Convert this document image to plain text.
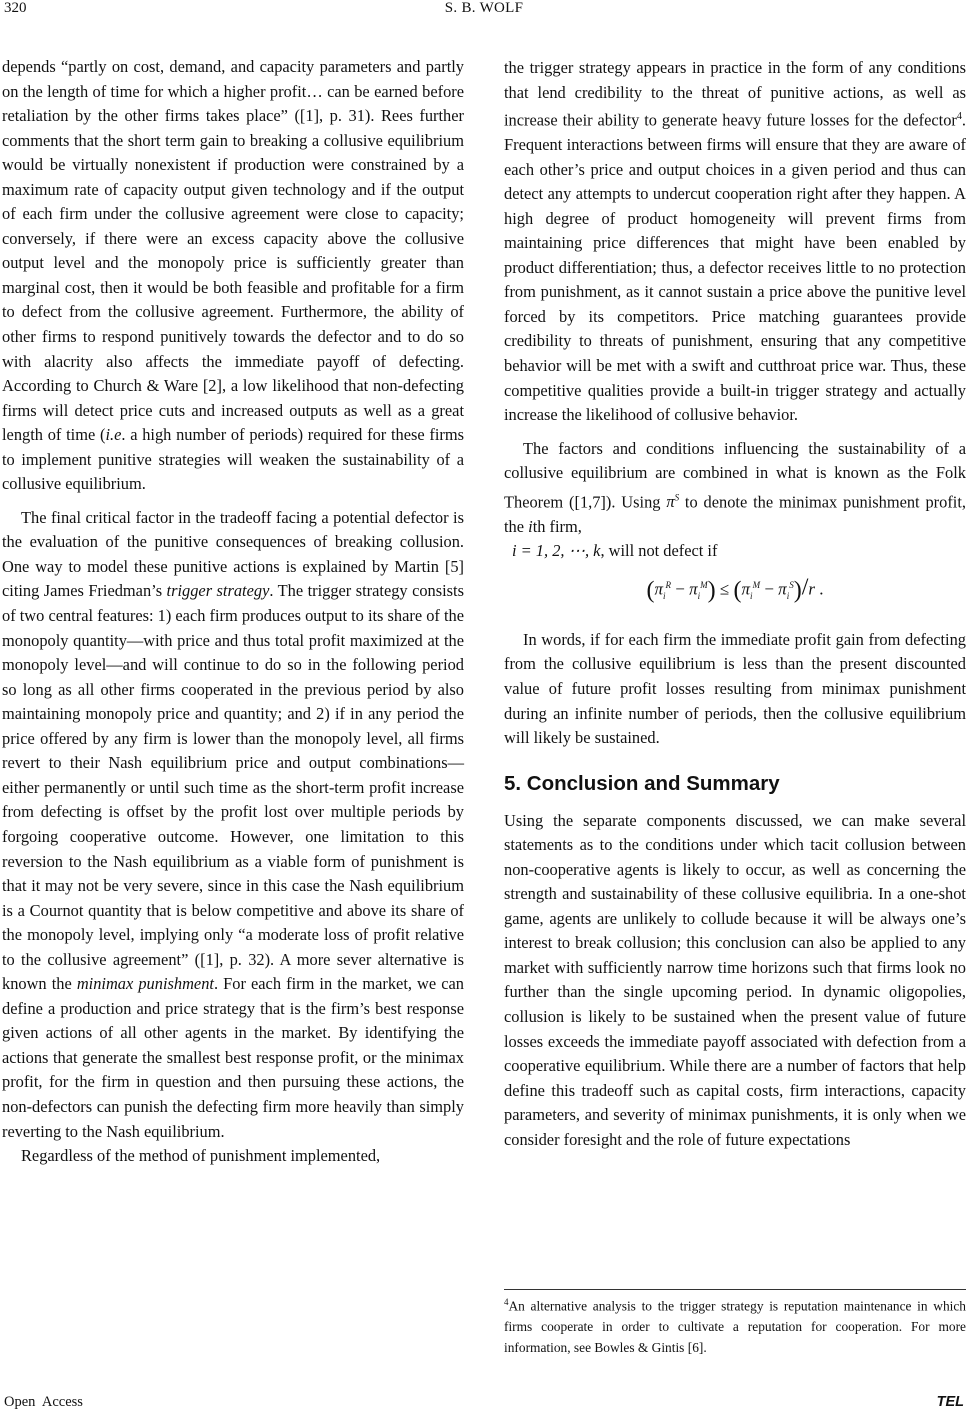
320	S. B. WOLF

depends “partly on cost, demand, and capacity parameters and partly on the length of time for which a higher profit… can be earned before retaliation by the other firms takes place” ([1], p. 31). Rees further comments that the short term gain to breaking a collusive equilibrium would be virtually nonexistent if production were constrained by a maximum rate of capacity output given technology and if the output of each firm under the collusive agreement were close to capacity; conversely, if there were an excess capacity above the collusive output level and the monopoly price is sufficiently greater than marginal cost, then it would be both feasible and profitable for a firm to defect from the collusive agreement. Furthermore, the ability of other firms to respond punitively towards the defector and to do so with alacrity also affects the immediate payoff of defecting. According to Church & Ware [2], a low likelihood that non-defecting firms will detect price cuts and increased outputs as well as a great length of time (i.e. a high number of periods) required for these firms to implement punitive strategies will weaken the sustainability of a collusive equilibrium.

The final critical factor in the tradeoff facing a potential defector is the evaluation of the punitive consequences of breaking collusion. One way to model these punitive actions is explained by Martin [5] citing James Friedman’s trigger strategy. The trigger strategy consists of two central features: 1) each firm produces output to its share of the monopoly quantity—with price and thus total profit maximized at the monopoly level—and will continue to do so in the following period so long as all other firms cooperated in the previous period by also maintaining monopoly price and quantity; and 2) if in any period the price offered by any firm is lower than the monopoly level, all firms revert to their Nash equilibrium price and output combinations—either permanently or until such time as the short-term profit increase from defecting is offset by the profit lost over multiple periods by forgoing cooperative outcome. However, one limitation to this reversion to the Nash equilibrium as a viable form of punishment is that it may not be very severe, since in this case the Nash equilibrium is a Cournot quantity that is below competitive and above its share of the monopoly level, implying only “a moderate loss of profit relative to the collusive agreement” ([1], p. 32). A more sever alternative is known the minimax punishment. For each firm in the market, we can define a production and price strategy that is the firm’s best response given actions of all other agents in the market. By identifying the actions that generate the smallest best response profit, or the minimax profit, for the firm in question and then pursuing these actions, the non-defectors can punish the defecting firm more heavily than simply reverting to the Nash equilibrium.

Regardless of the method of punishment implemented,

the trigger strategy appears in practice in the form of any conditions that lend credibility to the threat of punitive actions, as well as increase their ability to generate heavy future losses for the defector$^4$. Frequent interactions between firms will ensure that they are aware of each other’s price and output choices in a given period and thus can detect any attempts to undercut cooperation right after they happen. A high degree of product homogeneity will prevent firms from maintaining price differences that might have been enabled by product differentiation; thus, a defector receives little to no protection from punishment, as it cannot sustain a price above the punitive level forced by its competitors. Price matching guarantees provide credibility to threats of punishment, ensuring that any competitive behavior will be met with a swift and cutthroat price war. Thus, these competitive qualities provide a built-in trigger strategy and actually increase the likelihood of collusive behavior.

The factors and conditions influencing the sustainability of a collusive equilibrium are combined in what is known as the Folk Theorem ([1,7]). Using $\pi^S$ to denote the minimax punishment profit, the ith firm,
i = 1, 2, ⋯, k, will not defect if

$(\pi_i^R - \pi_i^M) \le (\pi_i^M - \pi_i^S)/r$ .

In words, if for each firm the immediate profit gain from defecting from the collusive equilibrium is less than the present discounted value of future profit losses resulting from minimax punishment during an infinite number of periods, then the collusive equilibrium will likely be sustained.

5. Conclusion and Summary

Using the separate components discussed, we can make several statements as to the conditions under which tacit collusion between non-cooperative agents is likely to occur, as well as concerning the strength and sustainability of these collusive equilibria. In a one-shot game, agents are unlikely to collude because it will be always one’s interest to break collusion; this conclusion can also be applied to any market with sufficiently narrow time horizons such that firms look no further than the single upcoming period. In dynamic oligopolies, collusion is likely to be sustained when the present value of future losses exceeds the immediate payoff associated with defection from a cooperative equilibrium. While there are a number of factors that help define this tradeoff such as capital costs, firm interactions, capacity parameters, and severity of minimax punishments, it is only when we consider foresight and the role of future expectations

$^4$An alternative analysis to the trigger strategy is reputation maintenance in which firms cooperate in order to cultivate a reputation for cooperation. For more information, see Bowles & Gintis [6].
Open  Access	TEL
